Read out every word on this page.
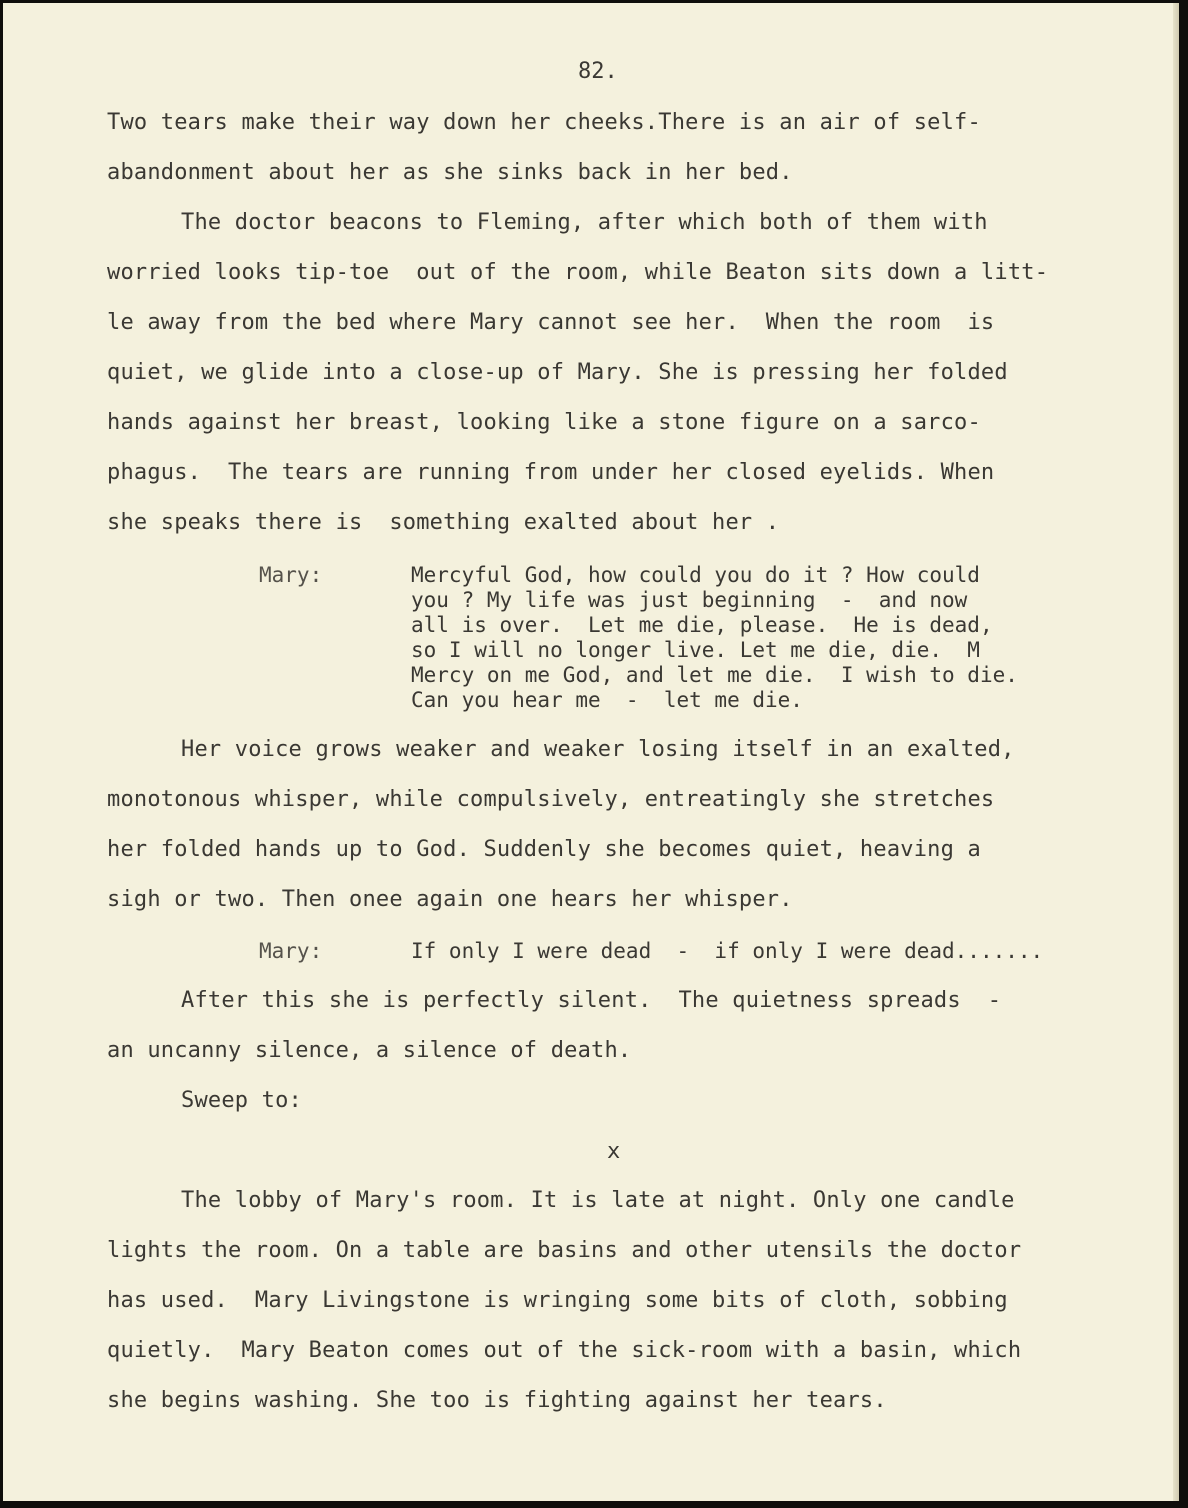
82.
Two tears make their way down her cheeks.There is an air of self-
abandonment about her as she sinks back in her bed.
The doctor beacons to Fleming, after which both of them with
worried looks tip-toe  out of the room, while Beaton sits down a litt-
le away from the bed where Mary cannot see her.  When the room  is
quiet, we glide into a close-up of Mary. She is pressing her folded
hands against her breast, looking like a stone figure on a sarco-
phagus.  The tears are running from under her closed eyelids. When
she speaks there is  something exalted about her .
Mary:	Mercyful God, how could you do it ? How could
you ? My life was just beginning  -  and now
all is over.  Let me die, please.  He is dead,
so I will no longer live. Let me die, die.  M
Mercy on me God, and let me die.  I wish to die.
Can you hear me  -  let me die.
Her voice grows weaker and weaker losing itself in an exalted,
monotonous whisper, while compulsively, entreatingly she stretches
her folded hands up to God. Suddenly she becomes quiet, heaving a
sigh or two. Then onee again one hears her whisper.
Mary:	If only I were dead  -  if only I were dead.......
After this she is perfectly silent.  The quietness spreads  -
an uncanny silence, a silence of death.
Sweep to:
x
The lobby of Mary's room. It is late at night. Only one candle
lights the room. On a table are basins and other utensils the doctor
has used.  Mary Livingstone is wringing some bits of cloth, sobbing
quietly.  Mary Beaton comes out of the sick-room with a basin, which
she begins washing. She too is fighting against her tears.
